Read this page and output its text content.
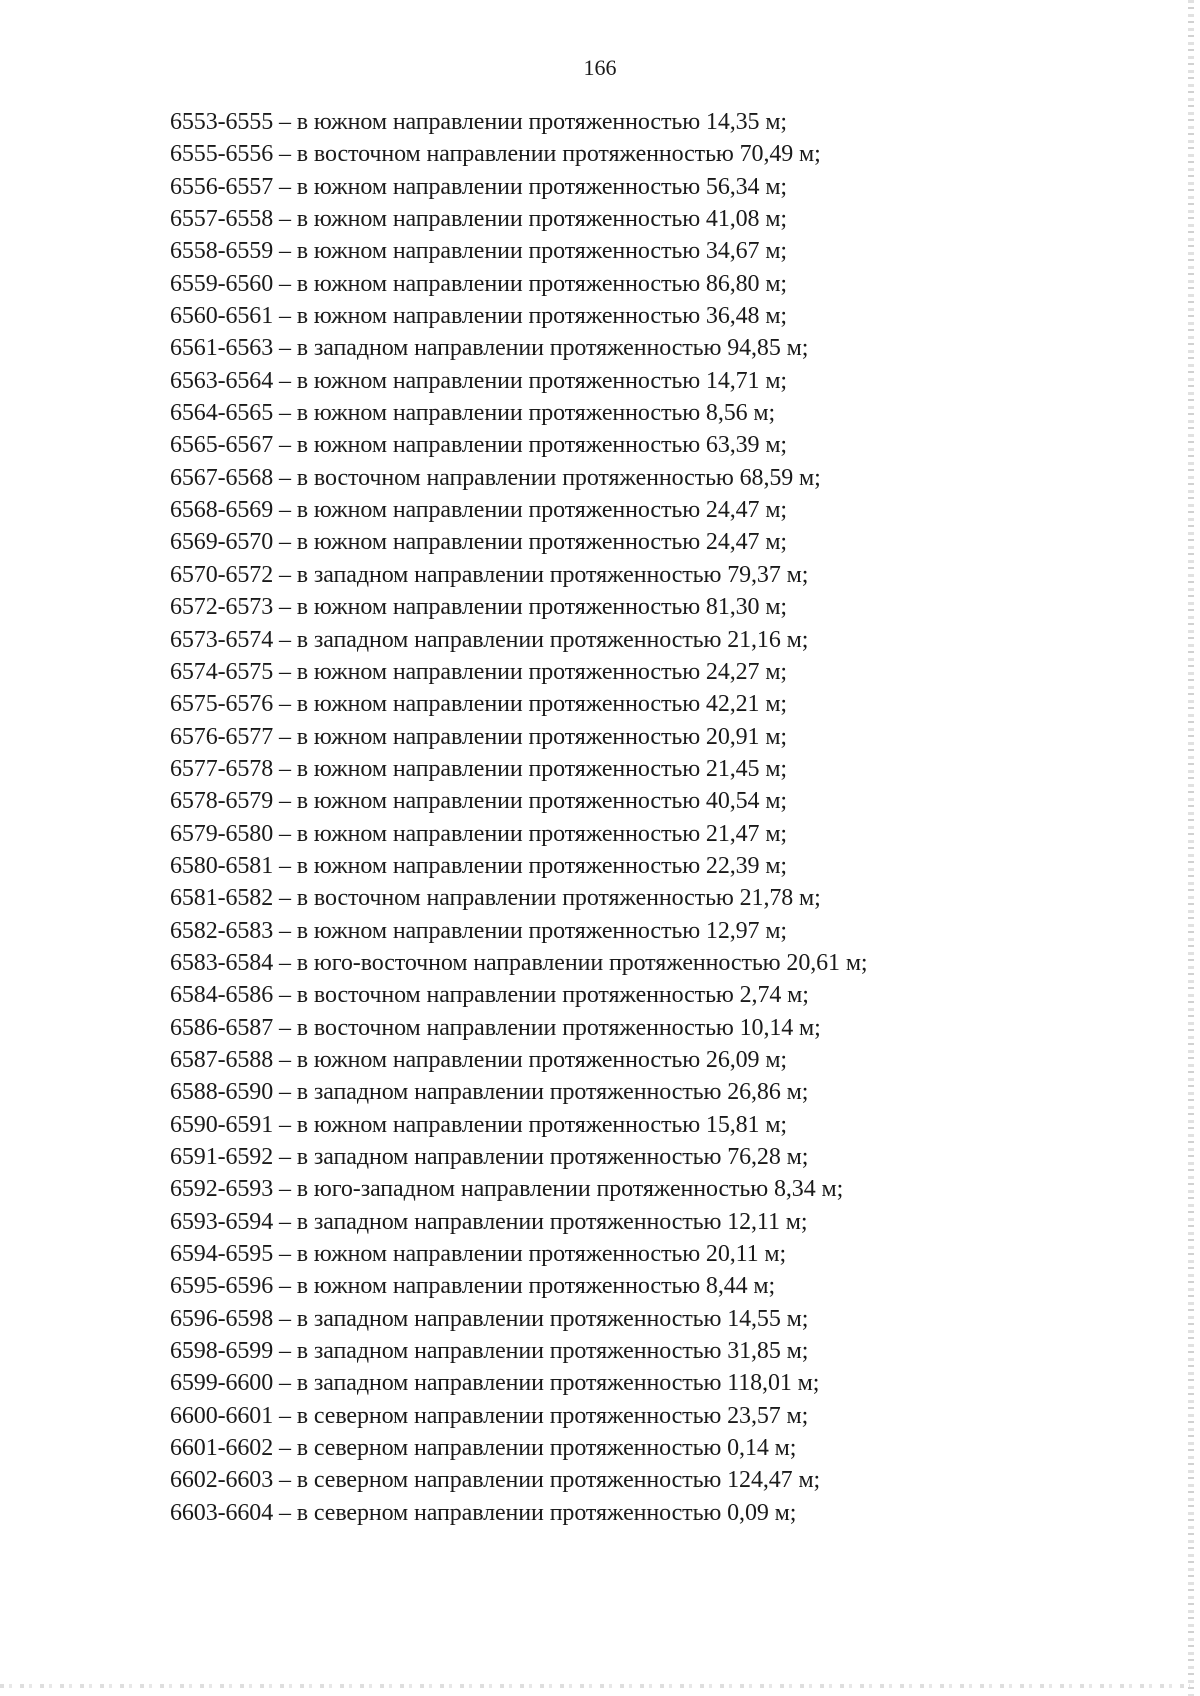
166
6553-6555 – в южном направлении протяженностью 14,35 м;
6555-6556 – в восточном направлении протяженностью 70,49 м;
6556-6557 – в южном направлении протяженностью 56,34 м;
6557-6558 – в южном направлении протяженностью 41,08 м;
6558-6559 – в южном направлении протяженностью 34,67 м;
6559-6560 – в южном направлении протяженностью 86,80 м;
6560-6561 – в южном направлении протяженностью 36,48 м;
6561-6563 – в западном направлении протяженностью 94,85 м;
6563-6564 – в южном направлении протяженностью 14,71 м;
6564-6565 – в южном направлении протяженностью 8,56 м;
6565-6567 – в южном направлении протяженностью 63,39 м;
6567-6568 – в восточном направлении протяженностью 68,59 м;
6568-6569 – в южном направлении протяженностью 24,47 м;
6569-6570 – в южном направлении протяженностью 24,47 м;
6570-6572 – в западном направлении протяженностью 79,37 м;
6572-6573 – в южном направлении протяженностью 81,30 м;
6573-6574 – в западном направлении протяженностью 21,16 м;
6574-6575 – в южном направлении протяженностью 24,27 м;
6575-6576 – в южном направлении протяженностью 42,21 м;
6576-6577 – в южном направлении протяженностью 20,91 м;
6577-6578 – в южном направлении протяженностью 21,45 м;
6578-6579 – в южном направлении протяженностью 40,54 м;
6579-6580 – в южном направлении протяженностью 21,47 м;
6580-6581 – в южном направлении протяженностью 22,39 м;
6581-6582 – в восточном направлении протяженностью 21,78 м;
6582-6583 – в южном направлении протяженностью 12,97 м;
6583-6584 – в юго-восточном направлении протяженностью 20,61 м;
6584-6586 – в восточном направлении протяженностью 2,74 м;
6586-6587 – в восточном направлении протяженностью 10,14 м;
6587-6588 – в южном направлении протяженностью 26,09 м;
6588-6590 – в западном направлении протяженностью 26,86 м;
6590-6591 – в южном направлении протяженностью 15,81 м;
6591-6592 – в западном направлении протяженностью 76,28 м;
6592-6593 – в юго-западном направлении протяженностью 8,34 м;
6593-6594 – в западном направлении протяженностью 12,11 м;
6594-6595 – в южном направлении протяженностью 20,11 м;
6595-6596 – в южном направлении протяженностью 8,44 м;
6596-6598 – в западном направлении протяженностью 14,55 м;
6598-6599 – в западном направлении протяженностью 31,85 м;
6599-6600 – в западном направлении протяженностью 118,01 м;
6600-6601 – в северном направлении протяженностью 23,57 м;
6601-6602 – в северном направлении протяженностью 0,14 м;
6602-6603 – в северном направлении протяженностью 124,47 м;
6603-6604 – в северном направлении протяженностью 0,09 м;
